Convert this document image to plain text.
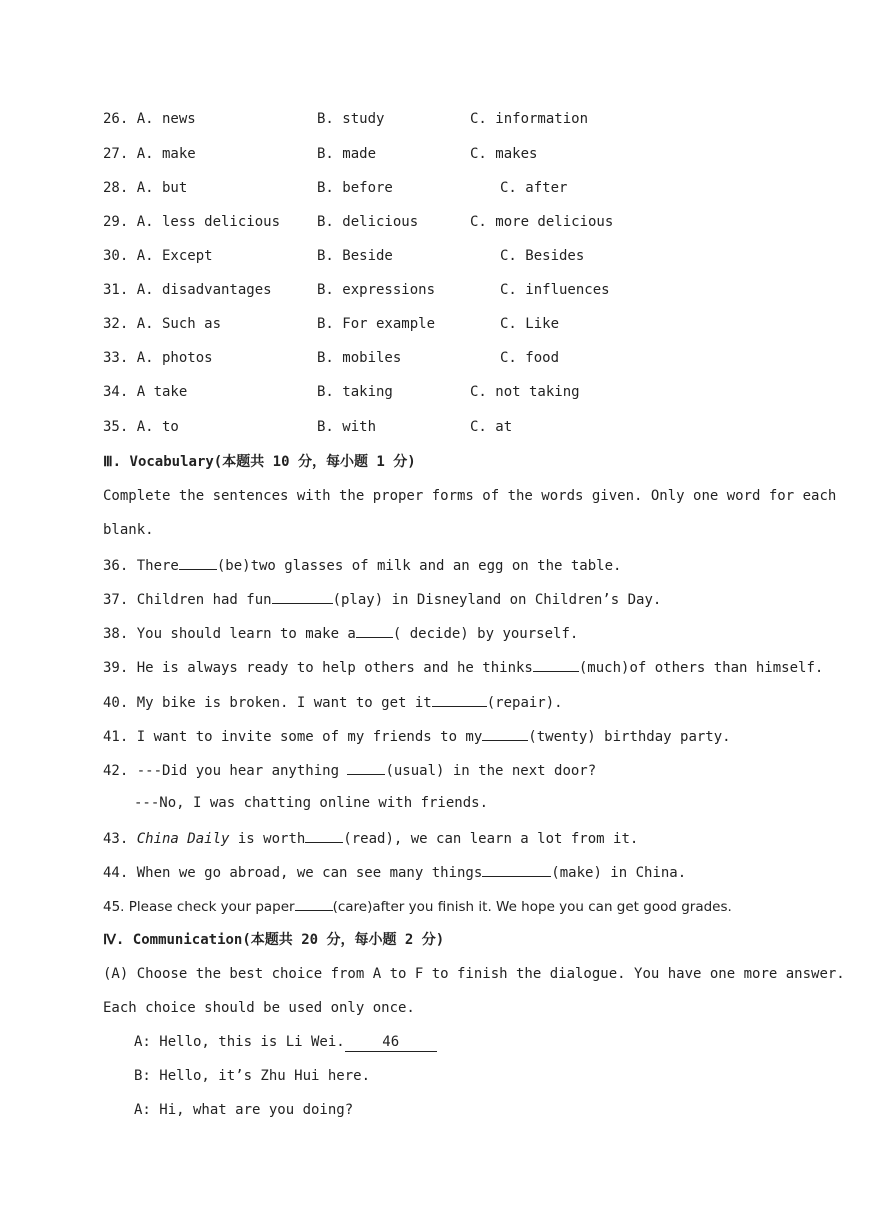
26. A. news	B. study	C. information
27. A. make	B. made	C. makes
28. A. but	B. before	C. after
29. A. less delicious	B. delicious	C. more delicious
30. A. Except	B. Beside	C. Besides
31. A. disadvantages	B. expressions	C. influences
32. A. Such as	B. For example	C. Like
33. A. photos	B. mobiles	C. food
34. A take	B. taking	C. not taking
35. A. to	B. with	C. at
Ⅲ. Vocabulary(本题共 10 分，每小题 1 分)
Complete the sentences with the proper forms of the words given. Only one word for each
blank.
36. There	(be)two glasses of milk and an egg on the table.
37. Children had fun	(play) in Disneyland on Children’s Day.
38. You should learn to make a	( decide) by yourself.
39. He is always ready to help others and he thinks	(much)of others than himself.
40. My bike is broken. I want to get it	(repair).
41. I want to invite some of my friends to my	(twenty) birthday party.
42. ---Did you hear anything	(usual) in the next door?
---No, I was chatting online with friends.
43. China Daily is worth	(read), we can learn a lot from it.
44. When we go abroad, we can see many things	(make) in China.
45. Please check your paper	(care)after you finish it. We hope you can get good grades.
Ⅳ. Communication(本题共 20 分，每小题 2 分)
(A) Choose the best choice from A to F to finish the dialogue. You have one more answer.
Each choice should be used only once.
A: Hello, this is Li Wei.	46
B: Hello, it’s Zhu Hui here.
A: Hi, what are you doing?
